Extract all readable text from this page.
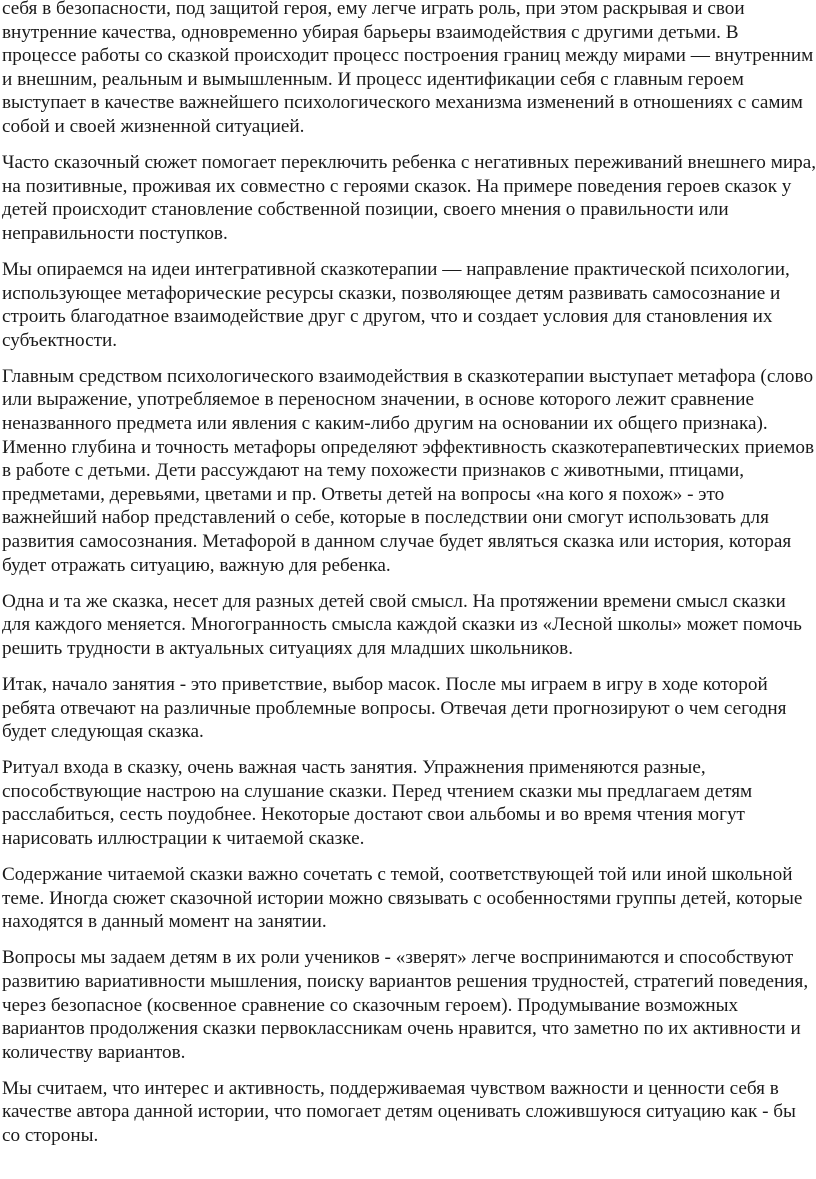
себя в безопасности, под защитой героя, ему легче играть роль, при этом раскрывая и свои внутренние качества, одновременно убирая барьеры взаимодействия с другими детьми. В процессе работы со сказкой происходит процесс построения границ между мирами — внутренним и внешним, реальным и вымышленным. И процесс идентификации себя с главным героем выступает в качестве важнейшего психологического механизма изменений в отношениях с самим собой и своей жизненной ситуацией.

Часто сказочный сюжет помогает переключить ребенка с негативных переживаний внешнего мира, на позитивные, проживая их совместно с героями сказок. На примере поведения героев сказок у детей происходит становление собственной позиции, своего мнения о правильности или неправильности поступков.

Мы опираемся на идеи интегративной сказкотерапии — направление практической психологии, использующее метафорические ресурсы сказки, позволяющее детям развивать самосознание и строить благодатное взаимодействие друг с другом, что и создает условия для становления их субъектности.

Главным средством психологического взаимодействия в сказкотерапии выступает метафора (слово или выражение, употребляемое в переносном значении, в основе которого лежит сравнение неназванного предмета или явления с каким-либо другим на основании их общего признака). Именно глубина и точность метафоры определяют эффективность сказкотерапевтических приемов в работе с детьми. Дети рассуждают на тему похожести признаков с животными, птицами, предметами, деревьями, цветами и пр. Ответы детей на вопросы «на кого я похож» - это важнейший набор представлений о себе, которые в последствии они смогут использовать для развития самосознания. Метафорой в данном случае будет являться сказка или история, которая будет отражать ситуацию, важную для ребенка.

Одна и та же сказка, несет для разных детей свой смысл. На протяжении времени смысл сказки для каждого меняется. Многогранность смысла каждой сказки из «Лесной школы» может помочь решить трудности в актуальных ситуациях для младших школьников.

Итак, начало занятия - это приветствие, выбор масок. После мы играем в игру в ходе которой ребята отвечают на различные проблемные вопросы. Отвечая дети прогнозируют о чем сегодня будет следующая сказка.

Ритуал входа в сказку, очень важная часть занятия. Упражнения применяются разные, способствующие настрою на слушание сказки. Перед чтением сказки мы предлагаем детям расслабиться, сесть поудобнее. Некоторые достают свои альбомы и во время чтения могут нарисовать иллюстрации к читаемой сказке.

Содержание читаемой сказки важно сочетать с темой, соответствующей той или иной школьной теме. Иногда сюжет сказочной истории можно связывать с особенностями группы детей, которые находятся в данный момент на занятии.

Вопросы мы задаем детям в их роли учеников - «зверят» легче воспринимаются и способствуют развитию вариативности мышления, поиску вариантов решения трудностей, стратегий поведения, через безопасное (косвенное сравнение со сказочным героем). Продумывание возможных вариантов продолжения сказки первоклассникам очень нравится, что заметно по их активности и количеству вариантов.

Мы считаем, что интерес и активность, поддерживаемая чувством важности и ценности себя в качестве автора данной истории, что помогает детям оценивать сложившуюся ситуацию как - бы со стороны.
